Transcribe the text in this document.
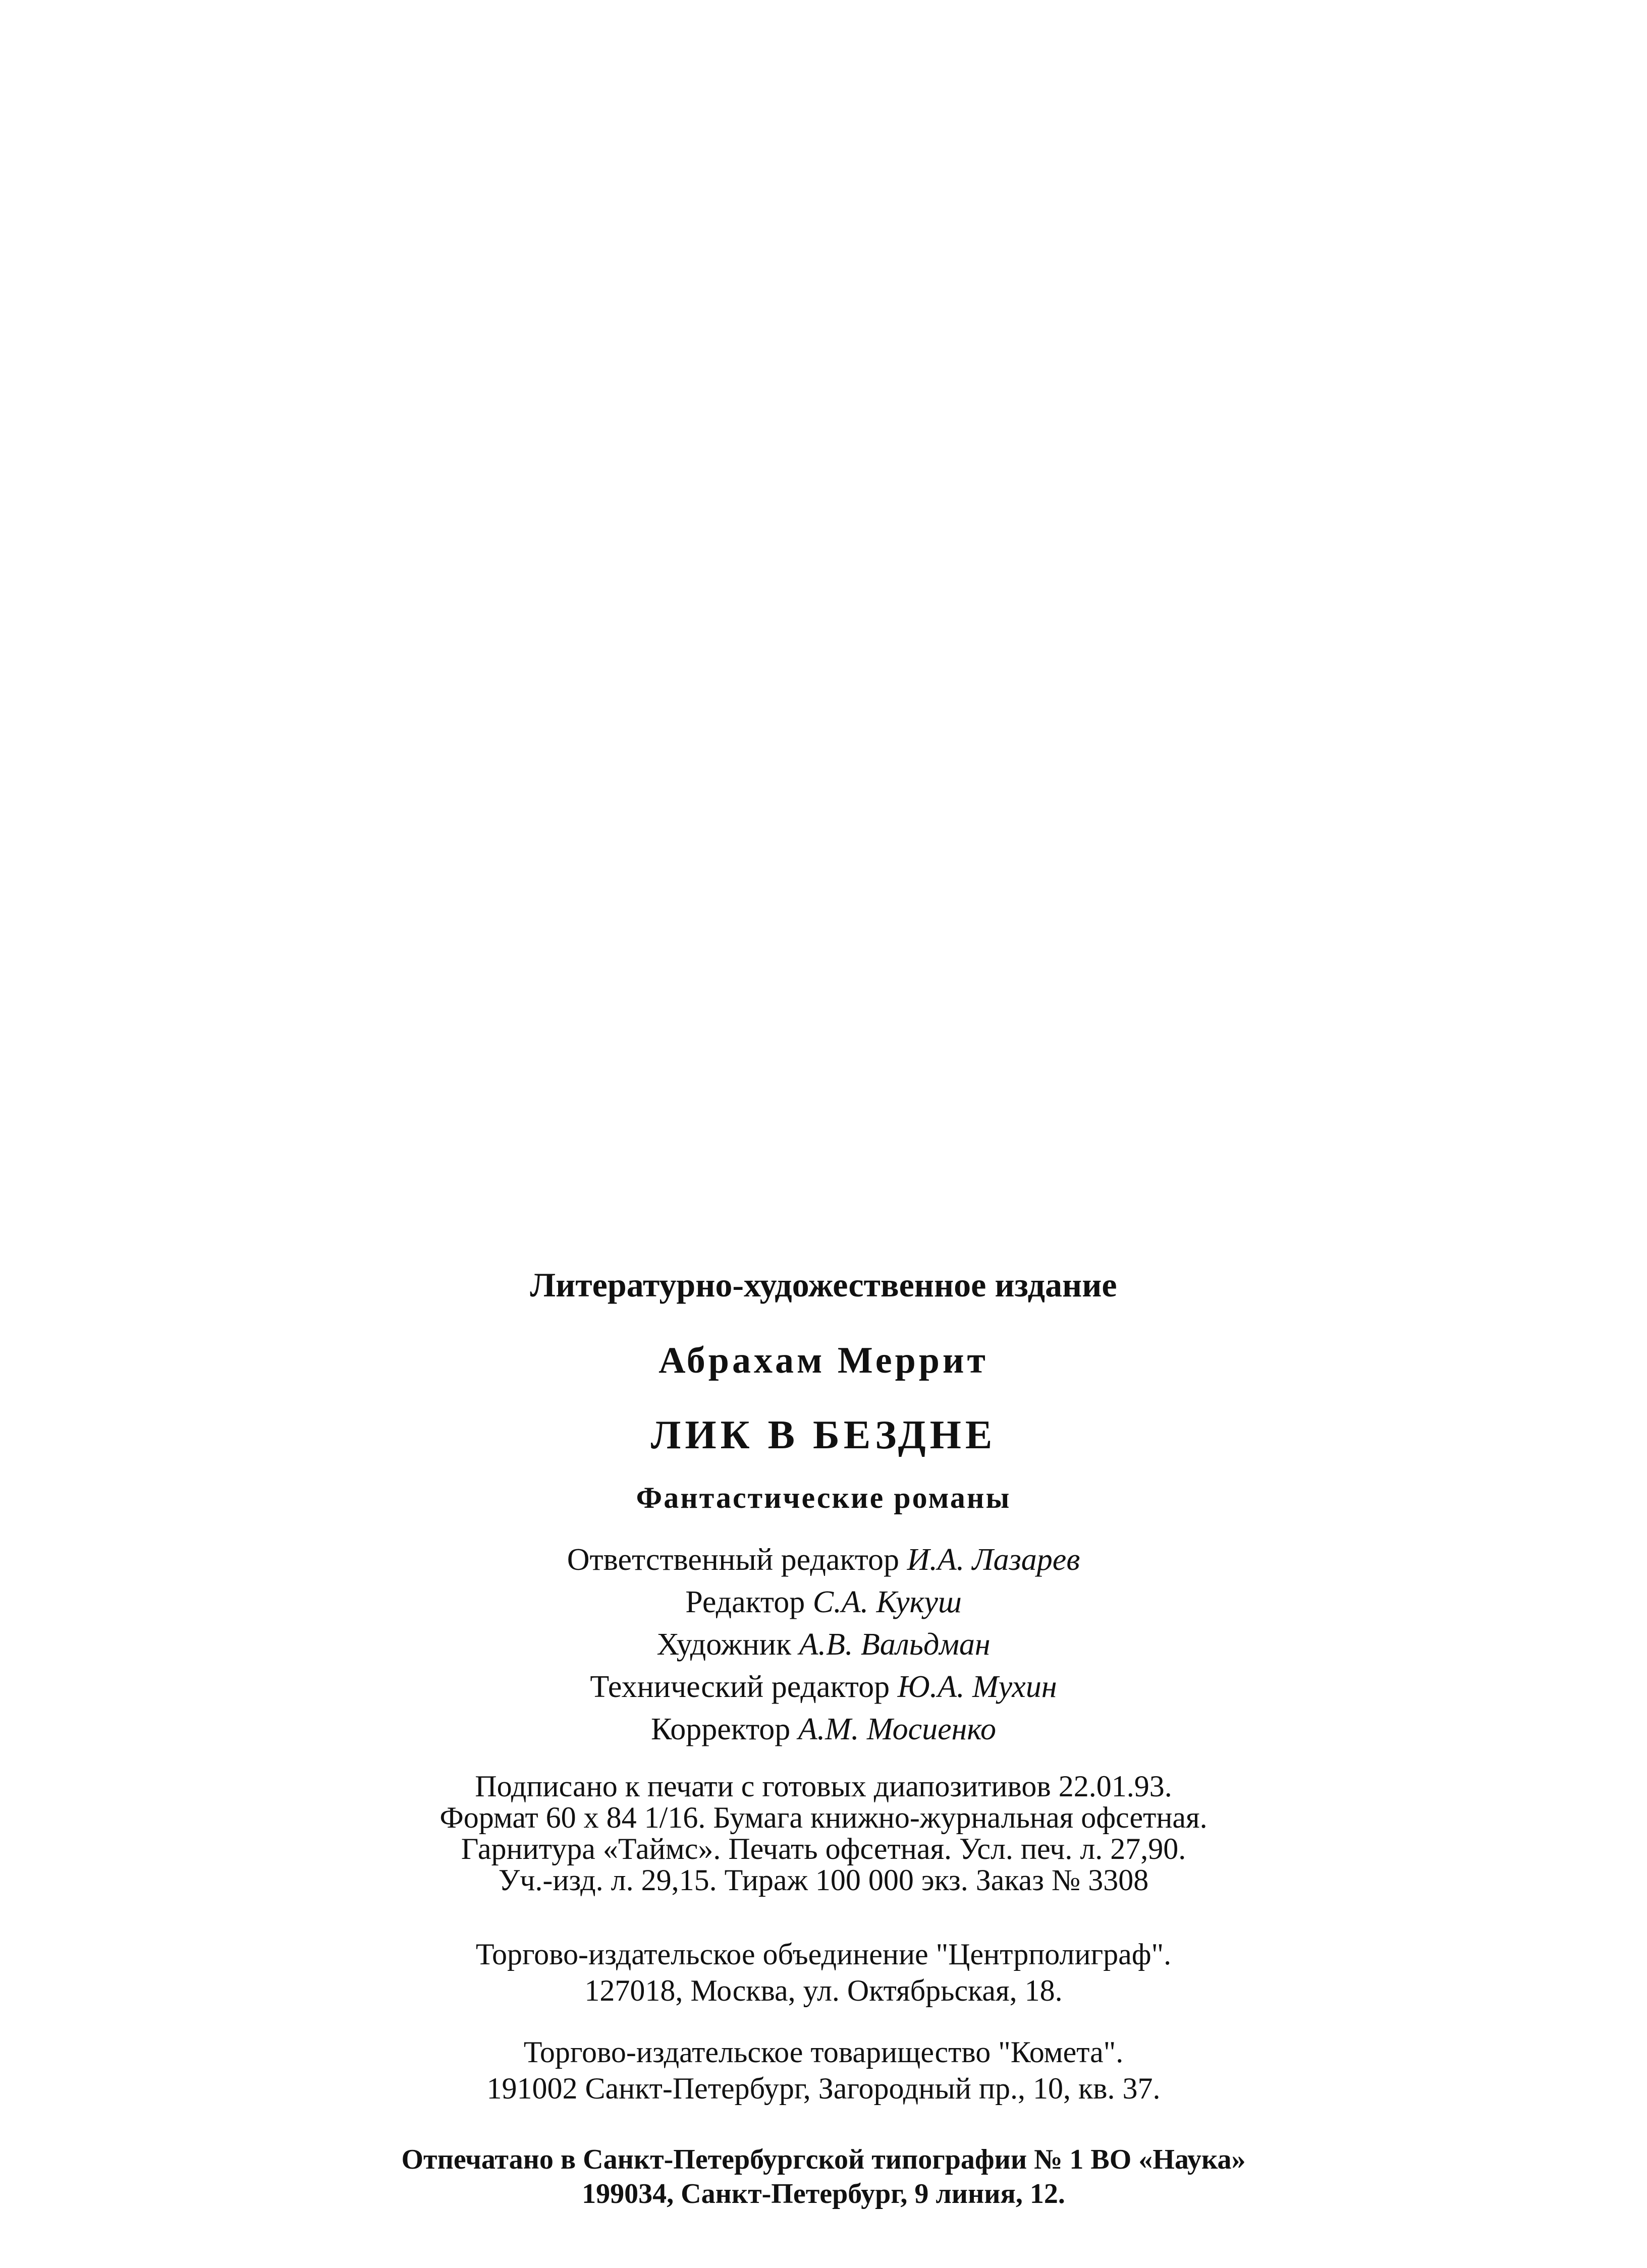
Литературно-художественное издание

Абрахам Меррит

ЛИК В БЕЗДНЕ

Фантастические романы

Ответственный редактор И.А. Лазарев
Редактор С.А. Кукуш
Художник А.В. Вальдман
Технический редактор Ю.А. Мухин
Корректор А.М. Мосиенко
Подписано к печати с готовых диапозитивов 22.01.93.
Формат 60 х 84 1/16. Бумага книжно-журнальная офсетная.
Гарнитура «Таймс». Печать офсетная. Усл. печ. л. 27,90.
Уч.-изд. л. 29,15. Тираж 100 000 экз. Заказ № 3308
Торгово-издательское объединение "Центрполиграф".
127018, Москва, ул. Октябрьская, 18.
Торгово-издательское товарищество "Комета".
191002 Санкт-Петербург, Загородный пр., 10, кв. 37.
Отпечатано в Санкт-Петербургской типографии № 1 ВО «Наука»
199034, Санкт-Петербург, 9 линия, 12.
